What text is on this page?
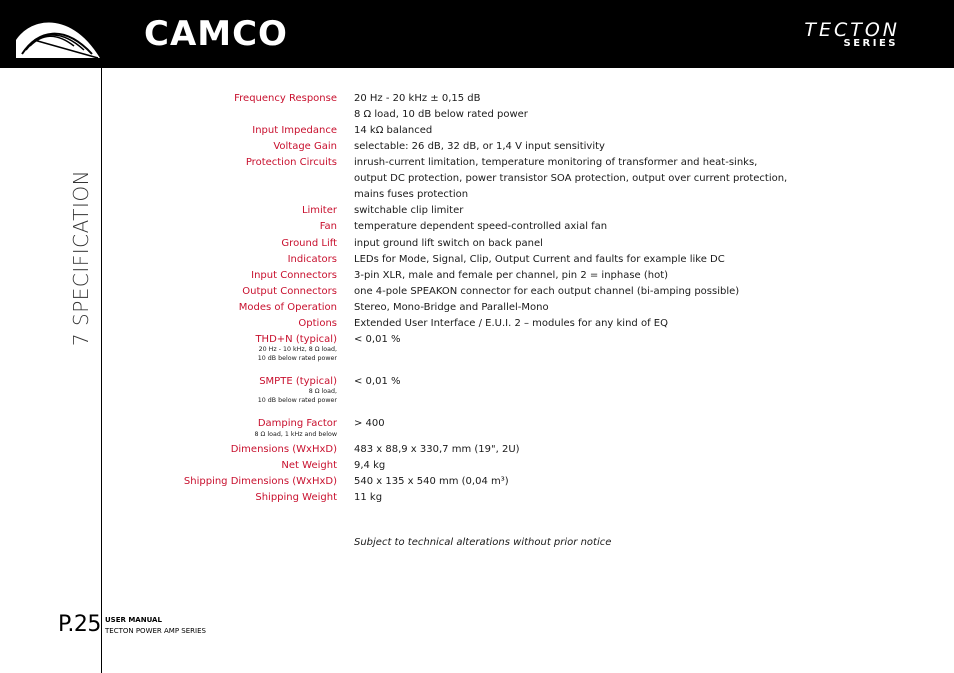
CAMCO	TECTON
SERIES
7 SPECIFICATION
Frequency Response 20 Hz - 20 kHz ± 0,15 dB
8 Ω load, 10 dB below rated power
Input Impedance 14 kΩ balanced
Voltage Gain selectable: 26 dB, 32 dB, or 1,4 V input sensitivity
Protection Circuits inrush-current limitation, temperature monitoring of transformer and heat-sinks,
output DC protection, power transistor SOA protection, output over current protection,
mains fuses protection
Limiter switchable clip limiter
Fan temperature dependent speed-controlled axial fan
Ground Lift input ground lift switch on back panel
Indicators LEDs for Mode, Signal, Clip, Output Current and faults for example like DC
Input Connectors 3-pin XLR, male and female per channel, pin 2 = inphase (hot)
Output Connectors one 4-pole SPEAKON connector for each output channel (bi-amping possible)
Modes of Operation Stereo, Mono-Bridge and Parallel-Mono
Options Extended User Interface / E.U.I. 2 – modules for any kind of EQ
THD+N (typical) < 0,01 %
20 Hz - 10 kHz, 8 Ω load,
10 dB below rated power
SMPTE (typical) < 0,01 %
8 Ω load,
10 dB below rated power
Damping Factor > 400
8 Ω load, 1 kHz and below
Dimensions (WxHxD) 483 x 88,9 x 330,7 mm (19", 2U)
Net Weight 9,4 kg
Shipping Dimensions (WxHxD) 540 x 135 x 540 mm (0,04 m³)
Shipping Weight 11 kg
Subject to technical alterations without prior notice
P.25 USER MANUAL
TECTON POWER AMP SERIES
